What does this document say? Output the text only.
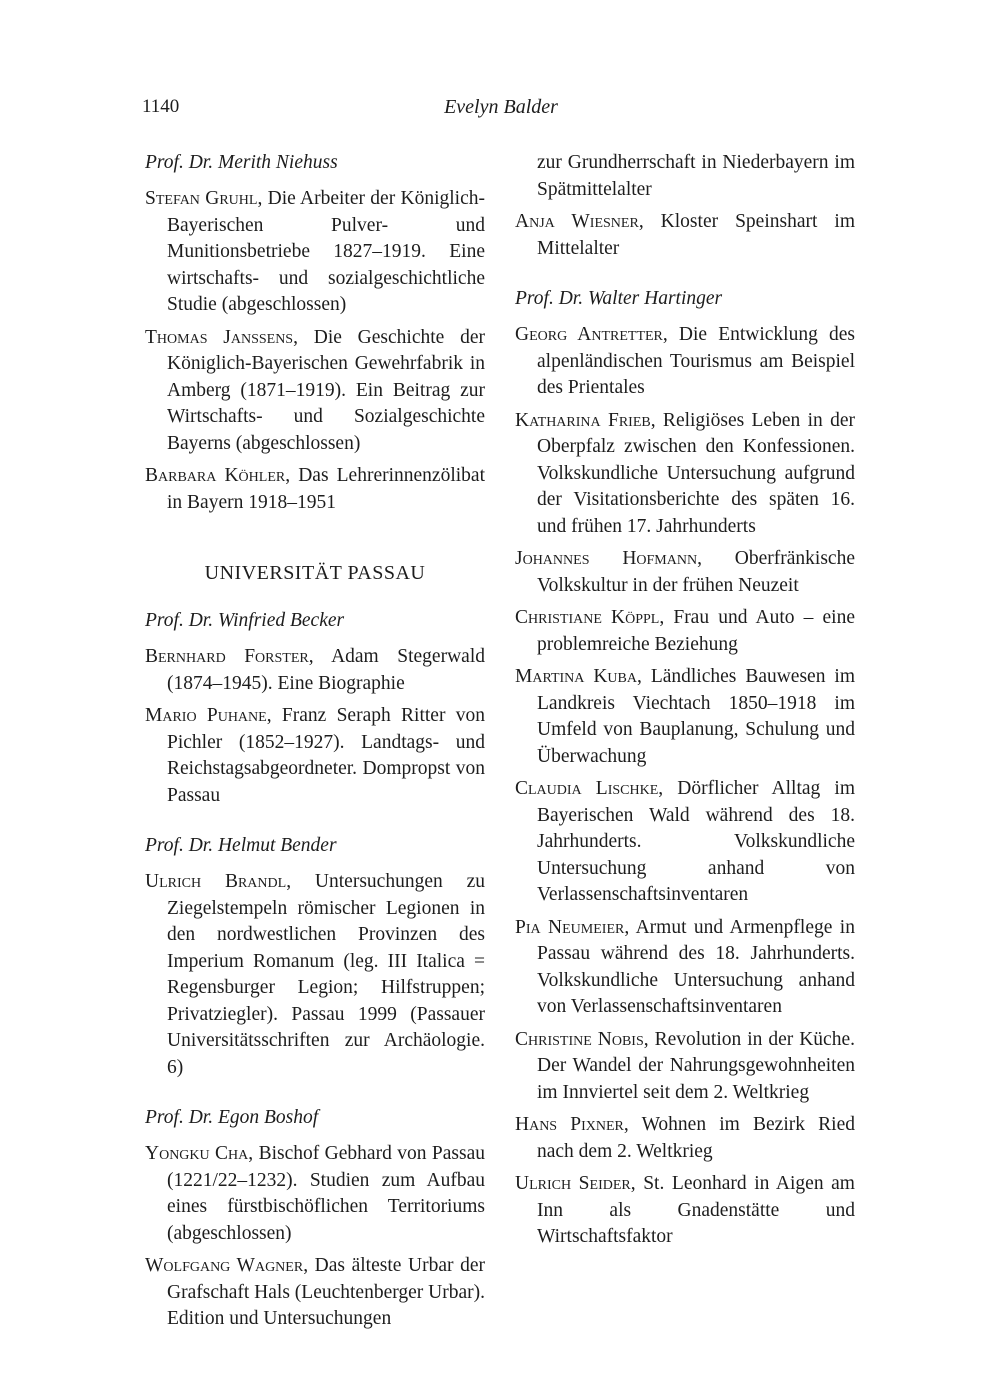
1140	Evelyn Balder
Prof. Dr. Merith Niehuss
Stefan Gruhl, Die Arbeiter der Königlich-Bayerischen Pulver- und Munitionsbetriebe 1827–1919. Eine wirtschafts- und sozialgeschichtliche Studie (abgeschlossen)
Thomas Janssens, Die Geschichte der Königlich-Bayerischen Gewehrfabrik in Amberg (1871–1919). Ein Beitrag zur Wirtschafts- und Sozialgeschichte Bayerns (abgeschlossen)
Barbara Köhler, Das Lehrerinnenzölibat in Bayern 1918–1951
UNIVERSITÄT PASSAU
Prof. Dr. Winfried Becker
Bernhard Forster, Adam Stegerwald (1874–1945). Eine Biographie
Mario Puhane, Franz Seraph Ritter von Pichler (1852–1927). Landtags- und Reichstagsabgeordneter. Dompropst von Passau
Prof. Dr. Helmut Bender
Ulrich Brandl, Untersuchungen zu Ziegelstempeln römischer Legionen in den nordwestlichen Provinzen des Imperium Romanum (leg. III Italica = Regensburger Legion; Hilfstruppen; Privatziegler). Passau 1999 (Passauer Universitätsschriften zur Archäologie. 6)
Prof. Dr. Egon Boshof
Yongku Cha, Bischof Gebhard von Passau (1221/22–1232). Studien zum Aufbau eines fürstbischöflichen Territoriums (abgeschlossen)
Wolfgang Wagner, Das älteste Urbar der Grafschaft Hals (Leuchtenberger Urbar). Edition und Untersuchungen
zur Grundherrschaft in Niederbayern im Spätmittelalter
Anja Wiesner, Kloster Speinshart im Mittelalter
Prof. Dr. Walter Hartinger
Georg Antretter, Die Entwicklung des alpenländischen Tourismus am Beispiel des Prientales
Katharina Frieb, Religiöses Leben in der Oberpfalz zwischen den Konfessionen. Volkskundliche Untersuchung aufgrund der Visitationsberichte des späten 16. und frühen 17. Jahrhunderts
Johannes Hofmann, Oberfränkische Volkskultur in der frühen Neuzeit
Christiane Köppl, Frau und Auto – eine problemreiche Beziehung
Martina Kuba, Ländliches Bauwesen im Landkreis Viechtach 1850–1918 im Umfeld von Bauplanung, Schulung und Überwachung
Claudia Lischke, Dörflicher Alltag im Bayerischen Wald während des 18. Jahrhunderts. Volkskundliche Untersuchung anhand von Verlassenschaftsinventaren
Pia Neumeier, Armut und Armenpflege in Passau während des 18. Jahrhunderts. Volkskundliche Untersuchung anhand von Verlassenschaftsinventaren
Christine Nobis, Revolution in der Küche. Der Wandel der Nahrungsgewohnheiten im Innviertel seit dem 2. Weltkrieg
Hans Pixner, Wohnen im Bezirk Ried nach dem 2. Weltkrieg
Ulrich Seider, St. Leonhard in Aigen am Inn als Gnadenstätte und Wirtschaftsfaktor
